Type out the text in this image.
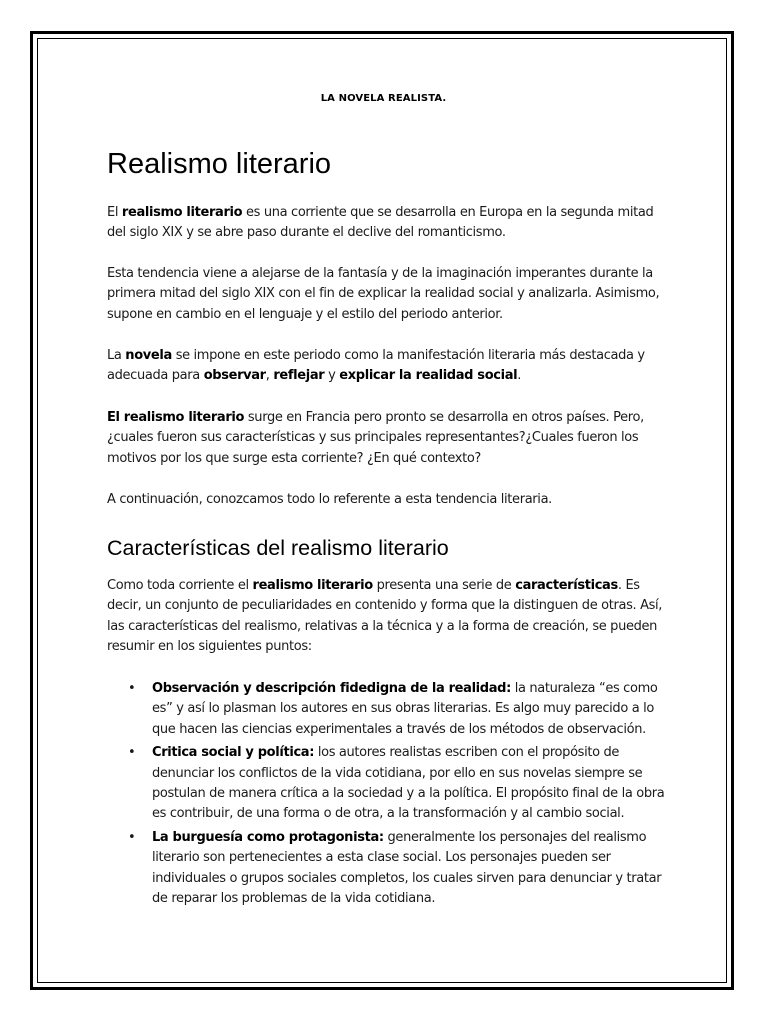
LA NOVELA REALISTA.
Realismo literario

El realismo literario es una corriente que se desarrolla en Europa en la segunda mitad del siglo XIX y se abre paso durante el declive del romanticismo.

Esta tendencia viene a alejarse de la fantasía y de la imaginación imperantes durante la primera mitad del siglo XIX con el fin de explicar la realidad social y analizarla. Asimismo, supone en cambio en el lenguaje y el estilo del periodo anterior.

La novela se impone en este periodo como la manifestación literaria más destacada y adecuada para observar, reflejar y explicar la realidad social.

El realismo literario surge en Francia pero pronto se desarrolla en otros países. Pero, ¿cuales fueron sus características y sus principales representantes?¿Cuales fueron los motivos por los que surge esta corriente? ¿En qué contexto?

A continuación, conozcamos todo lo referente a esta tendencia literaria.

Características del realismo literario

Como toda corriente el realismo literario presenta una serie de características. Es decir, un conjunto de peculiaridades en contenido y forma que la distinguen de otras. Así, las características del realismo, relativas a la técnica y a la forma de creación, se pueden resumir en los siguientes puntos:

• Observación y descripción fidedigna de la realidad: la naturaleza “es como es” y así lo plasman los autores en sus obras literarias. Es algo muy parecido a lo que hacen las ciencias experimentales a través de los métodos de observación.
• Critica social y política: los autores realistas escriben con el propósito de denunciar los conflictos de la vida cotidiana, por ello en sus novelas siempre se postulan de manera crítica a la sociedad y a la política. El propósito final de la obra es contribuir, de una forma o de otra, a la transformación y al cambio social.
• La burguesía como protagonista: generalmente los personajes del realismo literario son pertenecientes a esta clase social. Los personajes pueden ser individuales o grupos sociales completos, los cuales sirven para denunciar y tratar de reparar los problemas de la vida cotidiana.
